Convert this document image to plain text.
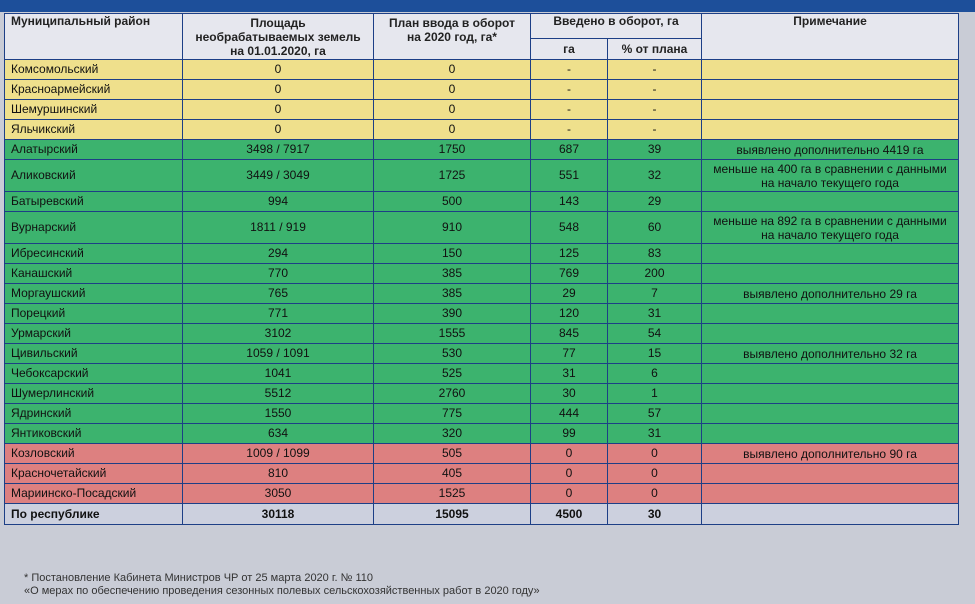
Муниципальный район	Площадь необрабатываемых земель на 01.01.2020, га	План ввода в оборот на 2020 год, га*	Введено в оборот, га		Примечание
			га	% от плана	
Комсомольский	0	0	-	-	
Красноармейский	0	0	-	-	
Шемуршинский	0	0	-	-	
Яльчикский	0	0	-	-	
Алатырский	3498 / 7917	1750	687	39	выявлено дополнительно 4419 га
Аликовский	3449 / 3049	1725	551	32	меньше на 400 га в сравнении с данными на начало текущего года
Батыревский	994	500	143	29	
Вурнарский	1811 / 919	910	548	60	меньше на 892 га в сравнении с данными на начало текущего года
Ибресинский	294	150	125	83	
Канашский	770	385	769	200	
Моргаушский	765	385	29	7	выявлено дополнительно 29 га
Порецкий	771	390	120	31	
Урмарский	3102	1555	845	54	
Цивильский	1059 / 1091	530	77	15	выявлено дополнительно 32 га
Чебоксарский	1041	525	31	6	
Шумерлинский	5512	2760	30	1	
Ядринский	1550	775	444	57	
Янтиковский	634	320	99	31	
Козловский	1009 / 1099	505	0	0	выявлено дополнительно 90 га
Красночетайский	810	405	0	0	
Мариинско-Посадский	3050	1525	0	0	
По республике	30118	15095	4500	30	
* Постановление Кабинета Министров ЧР от 25 марта 2020 г. № 110
«О мерах по обеспечению проведения сезонных полевых сельскохозяйственных работ в 2020 году»
